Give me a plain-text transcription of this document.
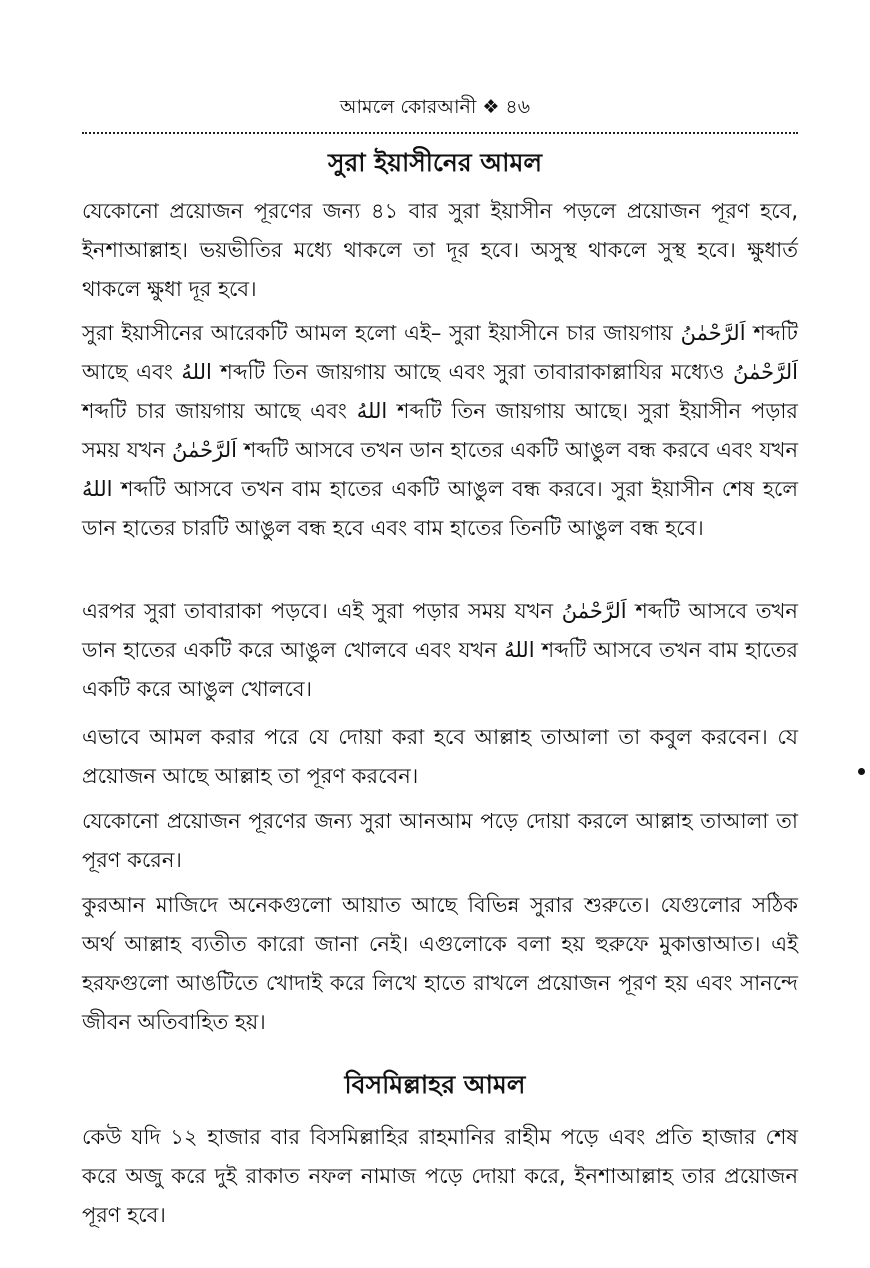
আমলে কোরআনী ❖ ৪৬
সুরা ইয়াসীনের আমল

যেকোনো প্রয়োজন পূরণের জন্য ৪১ বার সুরা ইয়াসীন পড়লে প্রয়োজন পূরণ হবে, ইনশাআল্লাহ। ভয়ভীতির মধ্যে থাকলে তা দূর হবে। অসুস্থ থাকলে সুস্থ হবে। ক্ষুধার্ত থাকলে ক্ষুধা দূর হবে।

সুরা ইয়াসীনের আরেকটি আমল হলো এই– সুরা ইয়াসীনে চার জায়গায় اَلرَّحْمٰنُ শব্দটি আছে এবং اللهُ শব্দটি তিন জায়গায় আছে এবং সুরা তাবারাকাল্লাযির মধ্যেও اَلرَّحْمٰنُ শব্দটি চার জায়গায় আছে এবং اللهُ শব্দটি তিন জায়গায় আছে। সুরা ইয়াসীন পড়ার সময় যখন اَلرَّحْمٰنُ শব্দটি আসবে তখন ডান হাতের একটি আঙুল বন্ধ করবে এবং যখন اللهُ শব্দটি আসবে তখন বাম হাতের একটি আঙুল বন্ধ করবে। সুরা ইয়াসীন শেষ হলে ডান হাতের চারটি আঙুল বন্ধ হবে এবং বাম হাতের তিনটি আঙুল বন্ধ হবে।

এরপর সুরা তাবারাকা পড়বে। এই সুরা পড়ার সময় যখন اَلرَّحْمٰنُ শব্দটি আসবে তখন ডান হাতের একটি করে আঙুল খোলবে এবং যখন اللهُ শব্দটি আসবে তখন বাম হাতের একটি করে আঙুল খোলবে।

এভাবে আমল করার পরে যে দোয়া করা হবে আল্লাহ তাআলা তা কবুল করবেন। যে প্রয়োজন আছে আল্লাহ তা পূরণ করবেন।

যেকোনো প্রয়োজন পূরণের জন্য সুরা আনআম পড়ে দোয়া করলে আল্লাহ তাআলা তা পূরণ করেন।

কুরআন মাজিদে অনেকগুলো আয়াত আছে বিভিন্ন সুরার শুরুতে। যেগুলোর সঠিক অর্থ আল্লাহ ব্যতীত কারো জানা নেই। এগুলোকে বলা হয় হুরুফে মুকাত্তাআত। এই হরফগুলো আঙটিতে খোদাই করে লিখে হাতে রাখলে প্রয়োজন পূরণ হয় এবং সানন্দে জীবন অতিবাহিত হয়।

বিসমিল্লাহর আমল

কেউ যদি ১২ হাজার বার বিসমিল্লাহির রাহমানির রাহীম পড়ে এবং প্রতি হাজার শেষ করে অজু করে দুই রাকাত নফল নামাজ পড়ে দোয়া করে, ইনশাআল্লাহ তার প্রয়োজন পূরণ হবে।
